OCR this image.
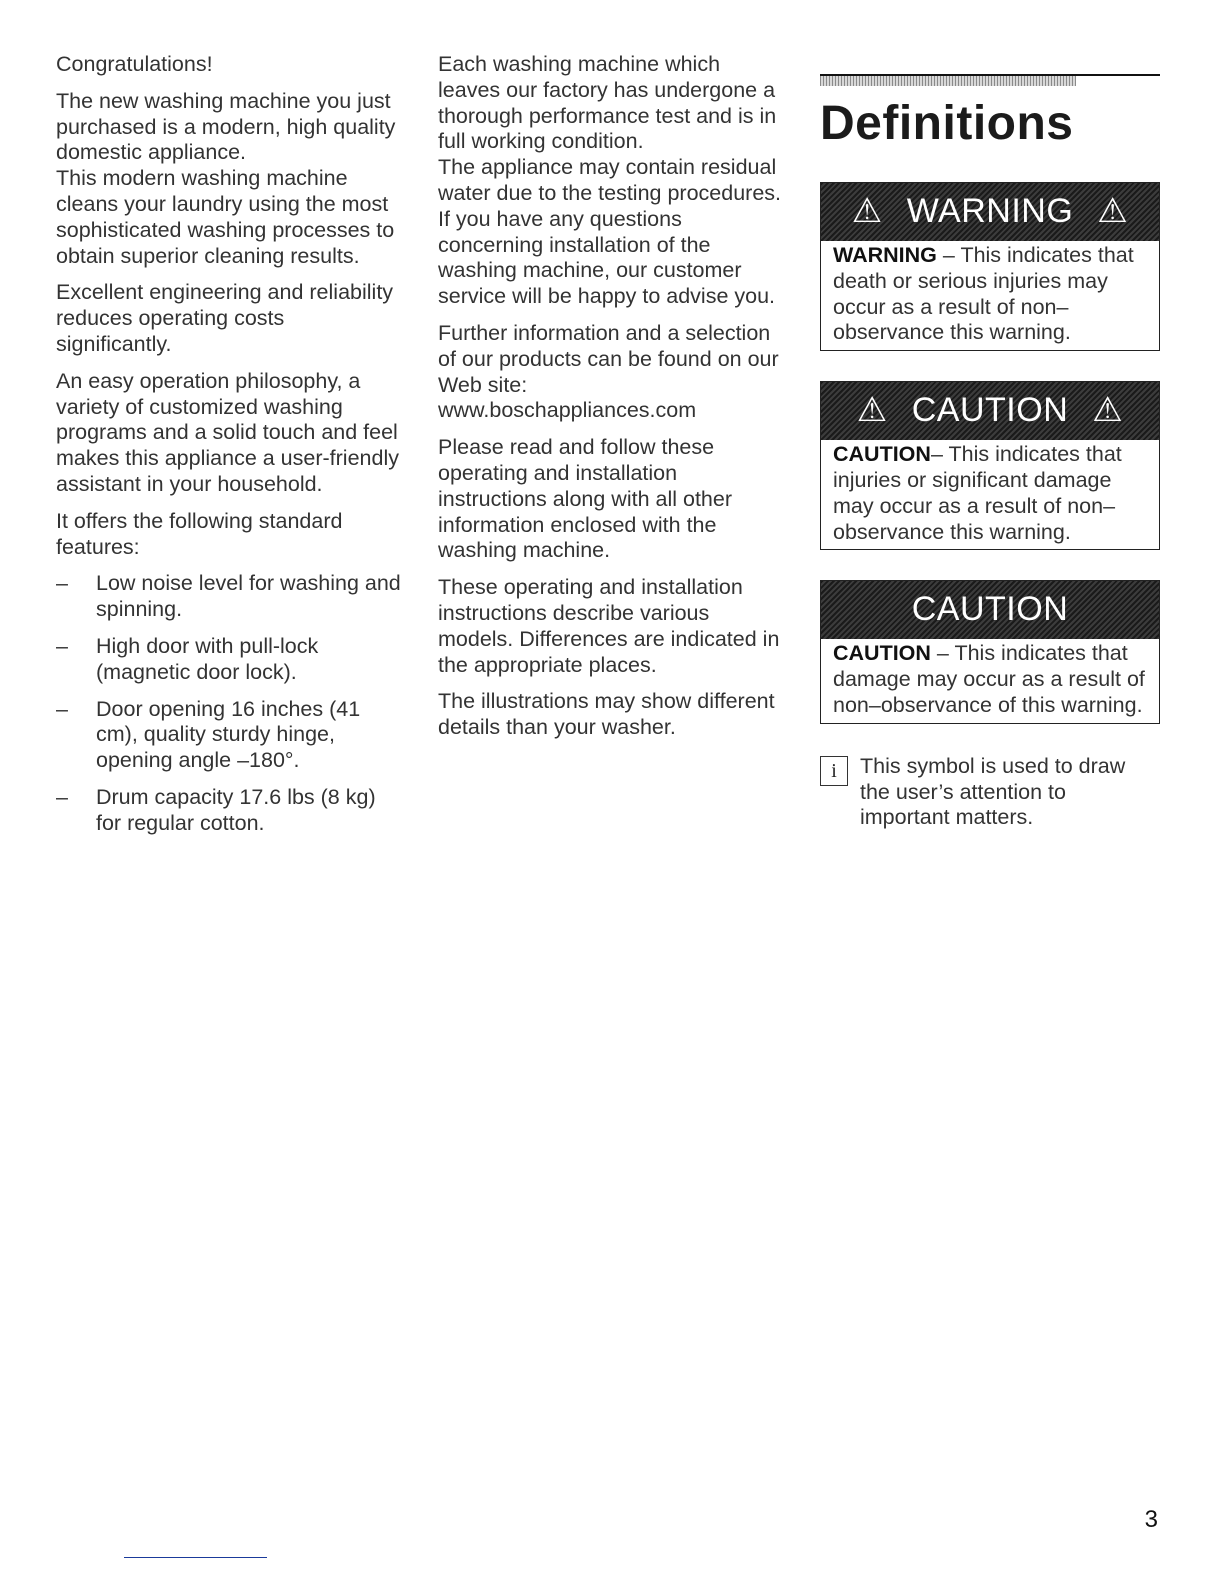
Congratulations!

The new washing machine you just purchased is a modern, high quality domestic appliance.

This modern washing machine cleans your laundry using the most sophisticated washing processes to obtain superior cleaning results.

Excellent engineering and reliability reduces operating costs significantly.

An easy operation philosophy, a variety of customized washing programs and a solid touch and feel makes this appliance a user-friendly assistant in your household.

It offers the following standard features:

– Low noise level for washing and spinning.
– High door with pull-lock (magnetic door lock).
– Door opening 16 inches (41 cm), quality sturdy hinge, opening angle –180°.
– Drum capacity 17.6 lbs (8 kg) for regular cotton.

Each washing machine which leaves our factory has undergone a thorough performance test and is in full working condition.

The appliance may contain residual water due to the testing procedures. If you have any questions concerning installation of the washing machine, our customer service will be happy to advise you.

Further information and a selection of our products can be found on our Web site:
www.boschappliances.com

Please read and follow these operating and installation instructions along with all other information enclosed with the washing machine.

These operating and installation instructions describe various models. Differences are indicated in the appropriate places.

The illustrations may show different details than your washer.

Definitions
⚠ WARNING ⚠
WARNING – This indicates that death or serious injuries may occur as a result of non–observance this warning.
⚠ CAUTION ⚠
CAUTION– This indicates that injuries or significant damage may occur as a result of non–observance this warning.
CAUTION
CAUTION – This indicates that damage may occur as a result of non–observance of this warning.
i	This symbol is used to draw the user’s attention to important matters.
3
